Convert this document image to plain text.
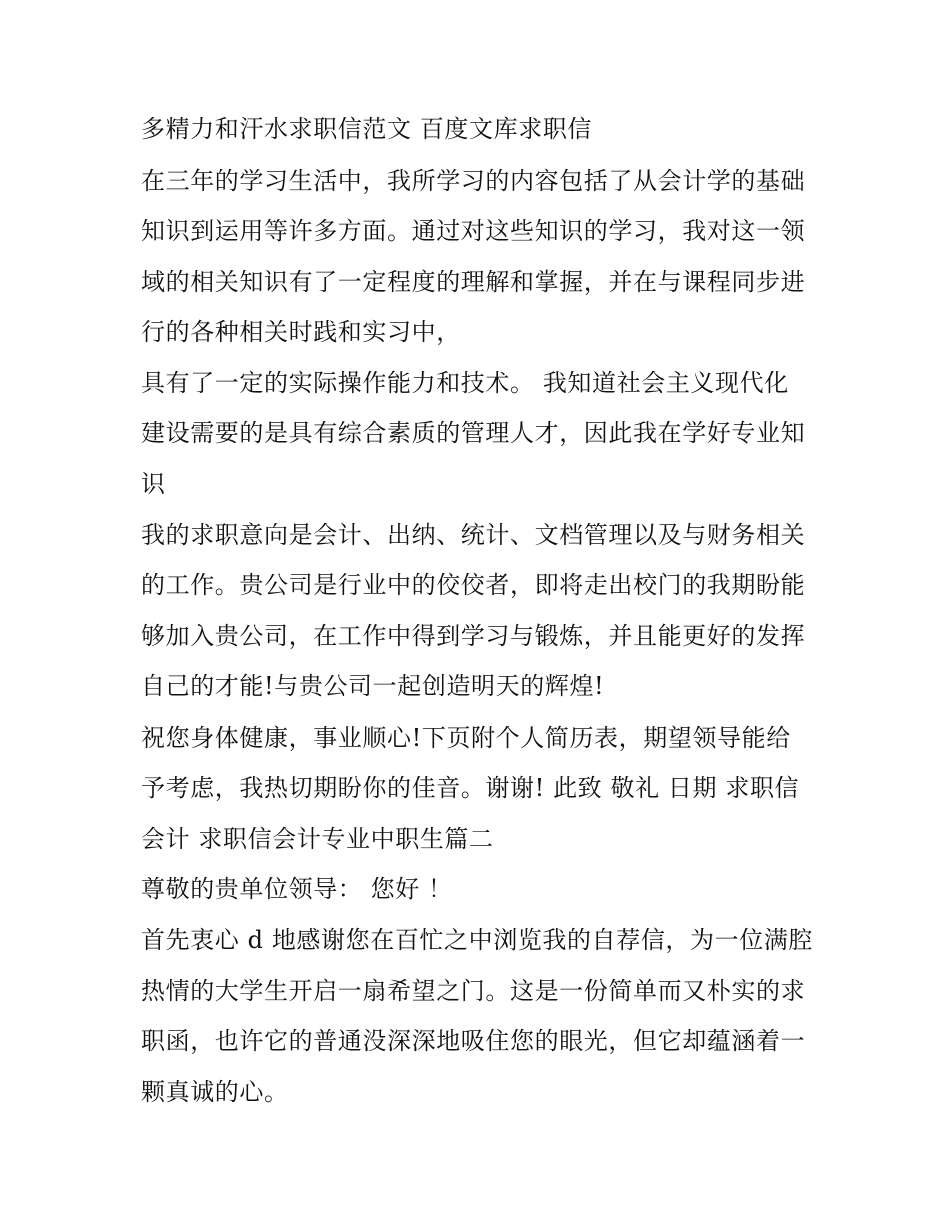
多精力和汗水求职信范文 百度文库求职信
在三年的学习生活中，我所学习的内容包括了从会计学的基础
知识到运用等许多方面。通过对这些知识的学习，我对这一领
域的相关知识有了一定程度的理解和掌握，并在与课程同步进
行的各种相关时践和实习中，
具有了一定的实际操作能力和技术。 我知道社会主义现代化
建设需要的是具有综合素质的管理人才，因此我在学好专业知
识
我的求职意向是会计、出纳、统计、文档管理以及与财务相关
的工作。贵公司是行业中的佼佼者，即将走出校门的我期盼能
够加入贵公司，在工作中得到学习与锻炼，并且能更好的发挥
自己的才能!与贵公司一起创造明天的辉煌!
祝您身体健康，事业顺心!下页附个人简历表，期望领导能给
予考虑，我热切期盼你的佳音。谢谢! 此致 敬礼 日期 求职信
会计 求职信会计专业中职生篇二
尊敬的贵单位领导： 您好 ！
首先衷心 d 地感谢您在百忙之中浏览我的自荐信，为一位满腔
热情的大学生开启一扇希望之门。这是一份简单而又朴实的求
职函，也许它的普通没深深地吸住您的眼光，但它却蕴涵着一
颗真诚的心。
